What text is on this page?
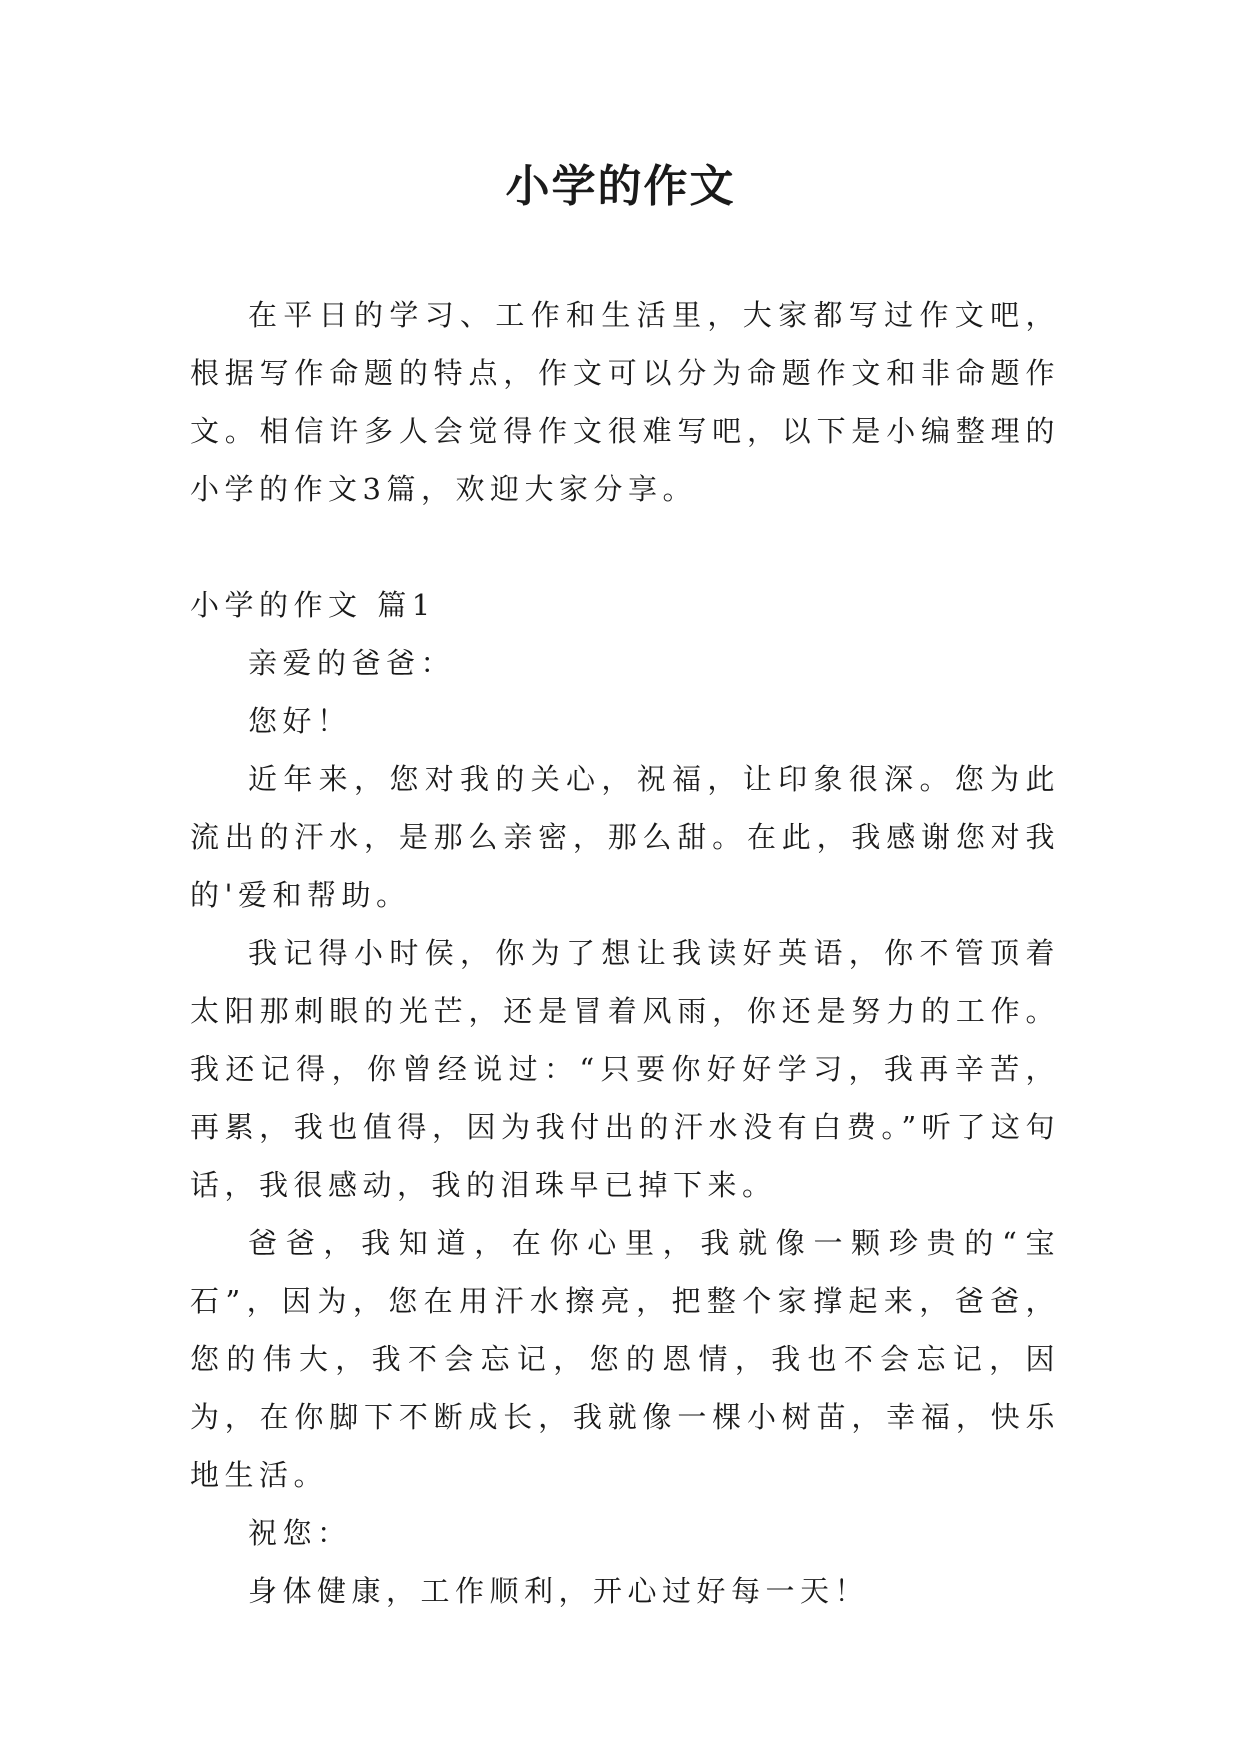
小学的作文

在平日的学习、工作和生活里，大家都写过作文吧，根据写作命题的特点，作文可以分为命题作文和非命题作文。相信许多人会觉得作文很难写吧，以下是小编整理的小学的作文3篇，欢迎大家分享。

小学的作文 篇1

亲爱的爸爸：

您好！

近年来，您对我的关心，祝福，让印象很深。您为此流出的汗水，是那么亲密，那么甜。在此，我感谢您对我的'爱和帮助。

我记得小时侯，你为了想让我读好英语，你不管顶着太阳那刺眼的光芒，还是冒着风雨，你还是努力的工作。我还记得，你曾经说过：“只要你好好学习，我再辛苦，再累，我也值得，因为我付出的汗水没有白费。”听了这句话，我很感动，我的泪珠早已掉下来。

爸爸，我知道，在你心里，我就像一颗珍贵的“宝石”，因为，您在用汗水擦亮，把整个家撑起来，爸爸，您的伟大，我不会忘记，您的恩情，我也不会忘记，因为，在你脚下不断成长，我就像一棵小树苗，幸福，快乐地生活。

祝您：

身体健康，工作顺利，开心过好每一天！
